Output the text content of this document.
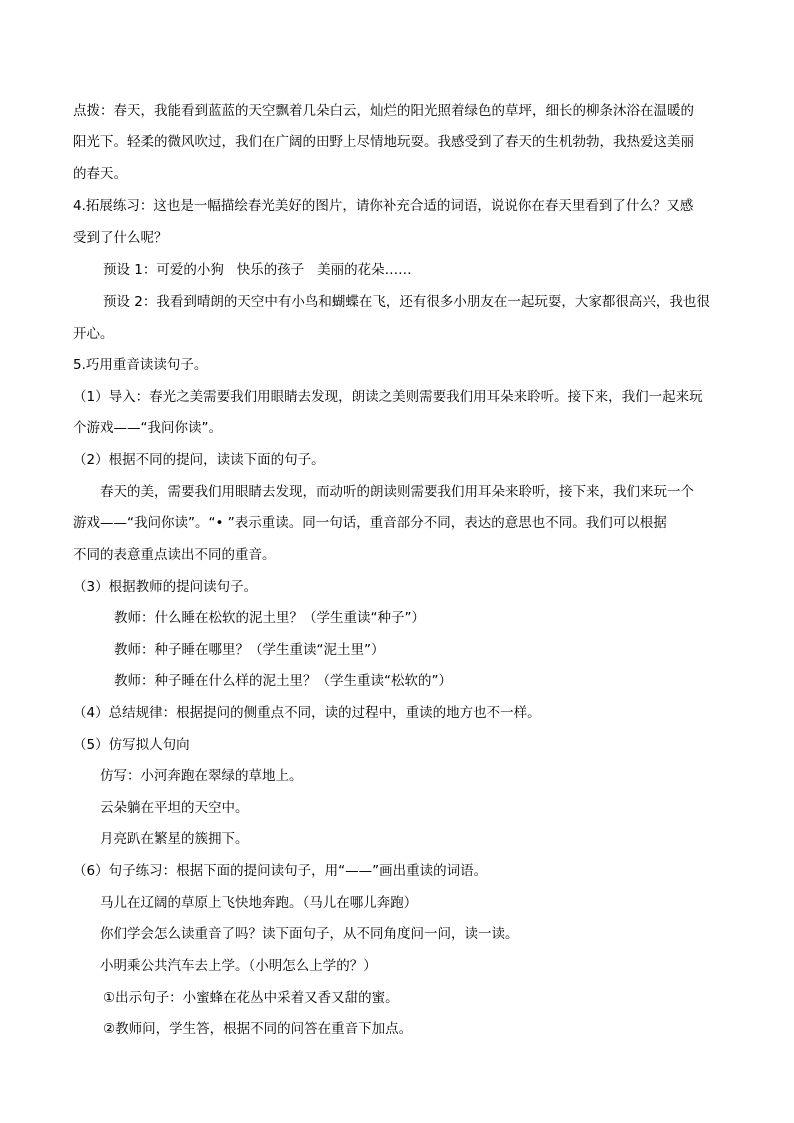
点拨：春天，我能看到蓝蓝的天空飘着几朵白云，灿烂的阳光照着绿色的草坪，细长的柳条沐浴在温暖的
阳光下。轻柔的微风吹过，我们在广阔的田野上尽情地玩耍。我感受到了春天的生机勃勃，我热爱这美丽
的春天。
4.拓展练习：这也是一幅描绘春光美好的图片，请你补充合适的词语，说说你在春天里看到了什么？又感
受到了什么呢？
预设 1：可爱的小狗   快乐的孩子   美丽的花朵……
预设 2：我看到晴朗的天空中有小鸟和蝴蝶在飞，还有很多小朋友在一起玩耍，大家都很高兴，我也很
开心。
5.巧用重音读读句子。
（1）导入：春光之美需要我们用眼睛去发现，朗读之美则需要我们用耳朵来聆听。接下来，我们一起来玩
个游戏——“我问你读”。
（2）根据不同的提问，读读下面的句子。
春天的美，需要我们用眼睛去发现，而动听的朗读则需要我们用耳朵来聆听，接下来，我们来玩一个
游戏——“我问你读”。“• ”表示重读。同一句话，重音部分不同，表达的意思也不同。我们可以根据
不同的表意重点读出不同的重音。
（3）根据教师的提问读句子。
教师：什么睡在松软的泥土里？（学生重读“种子”）
教师：种子睡在哪里？（学生重读“泥土里”）
教师：种子睡在什么样的泥土里？（学生重读“松软的”）
（4）总结规律：根据提问的侧重点不同，读的过程中，重读的地方也不一样。
（5）仿写拟人句向
仿写：小河奔跑在翠绿的草地上。
云朵躺在平坦的天空中。
月亮趴在繁星的簇拥下。
（6）句子练习：根据下面的提问读句子，用“——”画出重读的词语。
马儿在辽阔的草原上飞快地奔跑。（马儿在哪儿奔跑）
你们学会怎么读重音了吗？读下面句子，从不同角度问一问，读一读。
小明乘公共汽车去上学。（小明怎么上学的？）
①出示句子：小蜜蜂在花丛中采着又香又甜的蜜。
②教师问，学生答，根据不同的问答在重音下加点。
